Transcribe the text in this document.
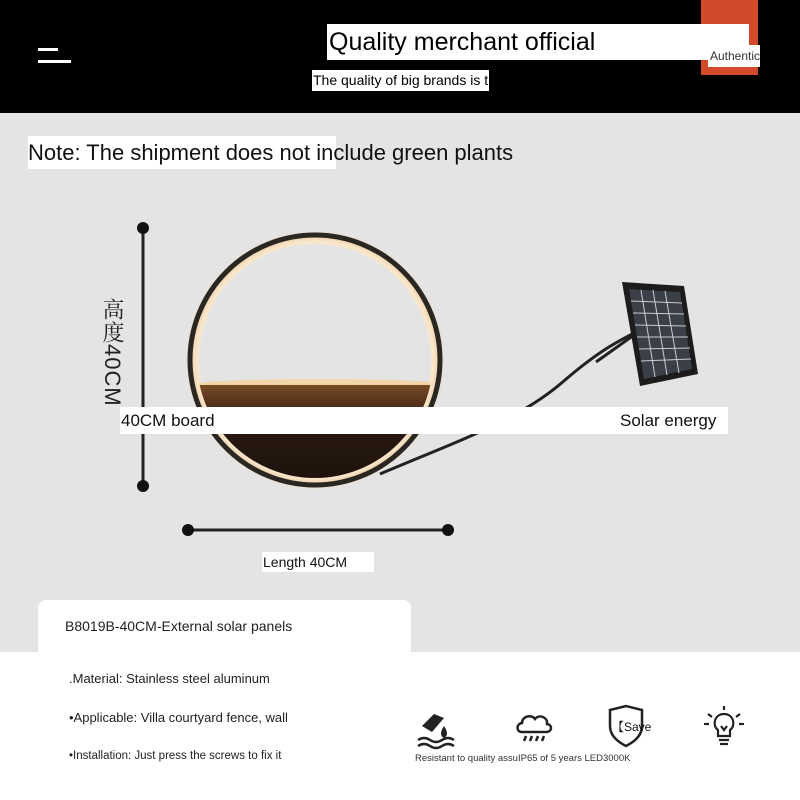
Quality merchant official	Authentic
The quality of big brands is t
Note: The shipment does not include green plants
40CM board	Solar energy
高度40CM
Length 40CM
B8019B-40CM-External solar panels
.Material: Stainless steel aluminum
•Applicable: Villa courtyard fence, wall
•Installation: Just press the screws to fix it
【Save
Resistant to quality assuIP65 of 5 years LED3000K
